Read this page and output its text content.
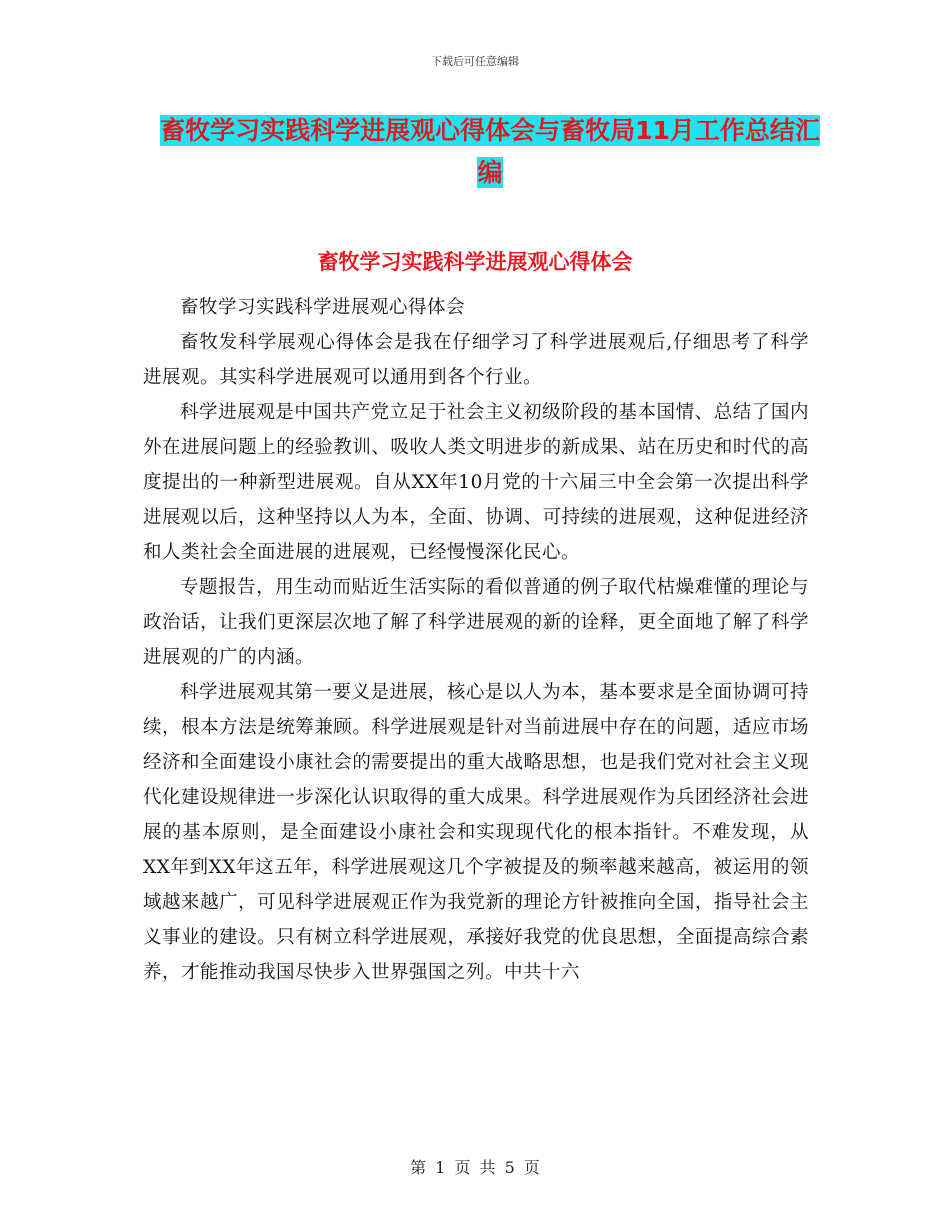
下载后可任意编辑
畜牧学习实践科学进展观心得体会与畜牧局11月工作总结汇编
畜牧学习实践科学进展观心得体会

畜牧学习实践科学进展观心得体会

畜牧发科学展观心得体会是我在仔细学习了科学进展观后,仔细思考了科学进展观。其实科学进展观可以通用到各个行业。

科学进展观是中国共产党立足于社会主义初级阶段的基本国情、总结了国内外在进展问题上的经验教训、吸收人类文明进步的新成果、站在历史和时代的高度提出的一种新型进展观。自从XX年10月党的十六届三中全会第一次提出科学进展观以后，这种坚持以人为本，全面、协调、可持续的进展观，这种促进经济和人类社会全面进展的进展观，已经慢慢深化民心。

专题报告，用生动而贴近生活实际的看似普通的例子取代枯燥难懂的理论与政治话，让我们更深层次地了解了科学进展观的新的诠释，更全面地了解了科学进展观的广的内涵。

科学进展观其第一要义是进展，核心是以人为本，基本要求是全面协调可持续，根本方法是统筹兼顾。科学进展观是针对当前进展中存在的问题，适应市场经济和全面建设小康社会的需要提出的重大战略思想，也是我们党对社会主义现代化建设规律进一步深化认识取得的重大成果。科学进展观作为兵团经济社会进展的基本原则，是全面建设小康社会和实现现代化的根本指针。不难发现，从XX年到XX年这五年，科学进展观这几个字被提及的频率越来越高，被运用的领域越来越广，可见科学进展观正作为我党新的理论方针被推向全国，指导社会主义事业的建设。只有树立科学进展观，承接好我党的优良思想，全面提高综合素养，才能推动我国尽快步入世界强国之列。中共十六

第 1 页 共 5 页
